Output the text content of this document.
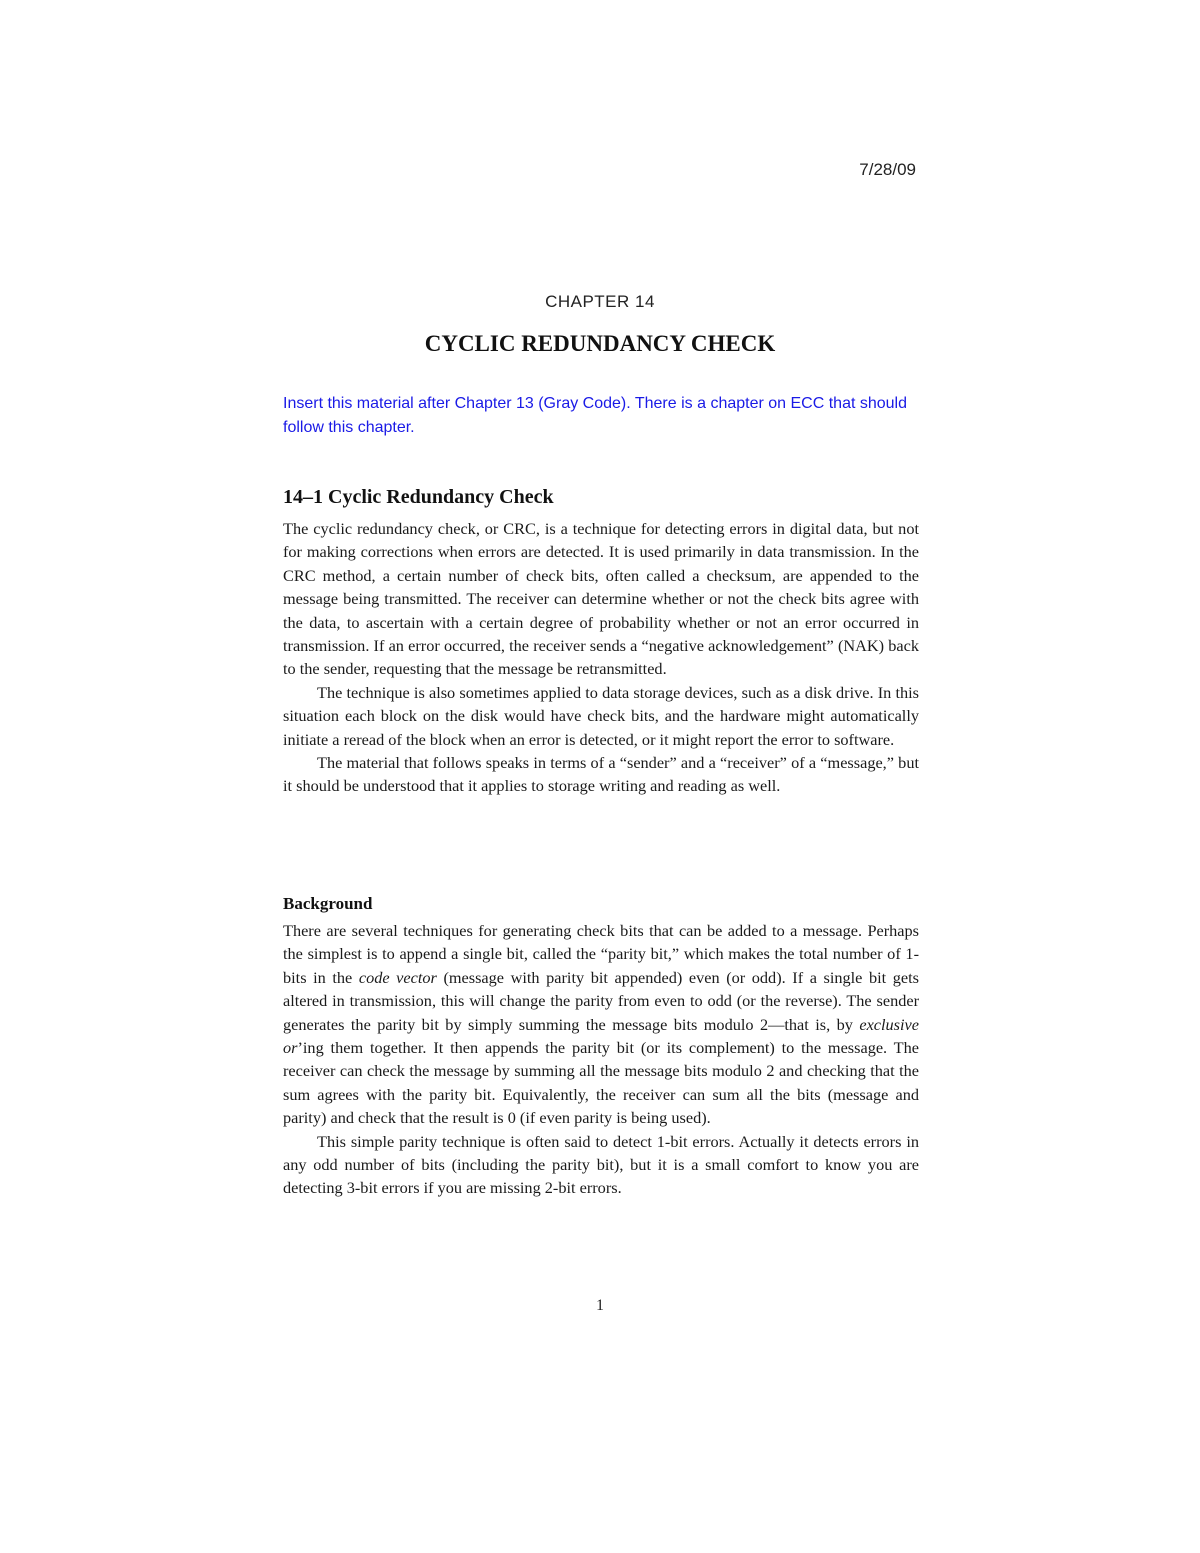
7/28/09
CHAPTER 14
CYCLIC REDUNDANCY CHECK
Insert this material after Chapter 13 (Gray Code). There is a chapter on ECC that should follow this chapter.
14–1 Cyclic Redundancy Check

The cyclic redundancy check, or CRC, is a technique for detecting errors in digital data, but not for making corrections when errors are detected. It is used primarily in data transmission. In the CRC method, a certain number of check bits, often called a checksum, are appended to the message being transmitted. The receiver can determine whether or not the check bits agree with the data, to ascertain with a certain degree of probability whether or not an error occurred in transmission. If an error occurred, the receiver sends a “negative acknowledgement” (NAK) back to the sender, requesting that the message be retransmitted.

The technique is also sometimes applied to data storage devices, such as a disk drive. In this situation each block on the disk would have check bits, and the hardware might automatically initiate a reread of the block when an error is detected, or it might report the error to software.

The material that follows speaks in terms of a “sender” and a “receiver” of a “message,” but it should be understood that it applies to storage writing and reading as well.

Background

There are several techniques for generating check bits that can be added to a message. Perhaps the simplest is to append a single bit, called the “parity bit,” which makes the total number of 1-bits in the code vector (message with parity bit appended) even (or odd). If a single bit gets altered in transmission, this will change the parity from even to odd (or the reverse). The sender generates the parity bit by simply summing the message bits modulo 2—that is, by exclusive or’ing them together. It then appends the parity bit (or its complement) to the message. The receiver can check the message by summing all the message bits modulo 2 and checking that the sum agrees with the parity bit. Equivalently, the receiver can sum all the bits (message and parity) and check that the result is 0 (if even parity is being used).

This simple parity technique is often said to detect 1-bit errors. Actually it detects errors in any odd number of bits (including the parity bit), but it is a small comfort to know you are detecting 3-bit errors if you are missing 2-bit errors.

1
